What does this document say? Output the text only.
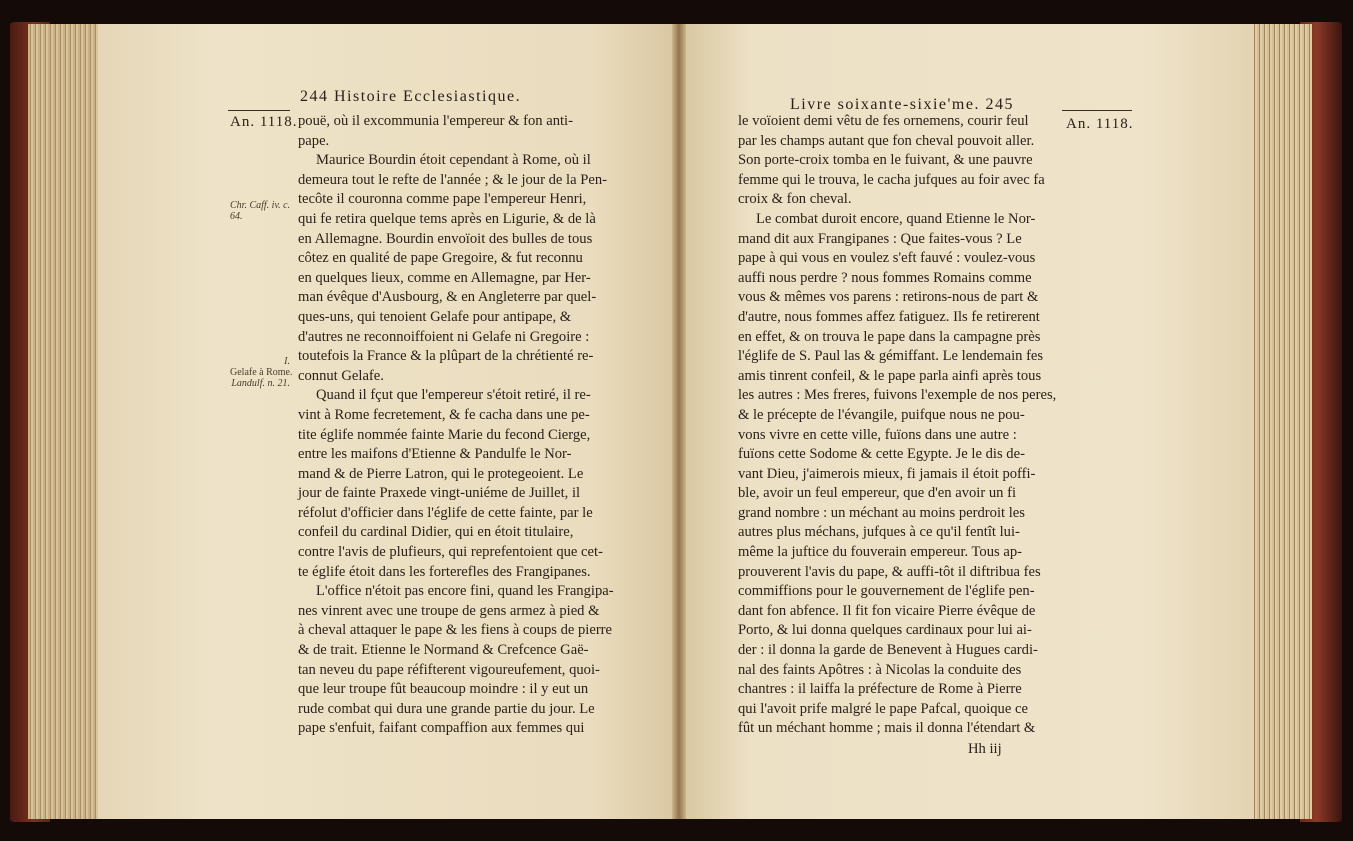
244 Histoire Ecclesiastique.
An. 1118.
Chr. Caff. iv. c.
64.
I.
Gelafe à Rome.
Landulf. n. 21.
pouë, où il excommunia l'empereur & fon anti-
pape.
Maurice Bourdin étoit cependant à Rome, où il
demeura tout le refte de l'année ; & le jour de la Pen-
tecôte il couronna comme pape l'empereur Henri,
qui fe retira quelque tems après en Ligurie, & de là
en Allemagne. Bourdin envoïoit des bulles de tous
côtez en qualité de pape Gregoire, & fut reconnu
en quelques lieux, comme en Allemagne, par Her-
man évêque d'Ausbourg, & en Angleterre par quel-
ques-uns, qui tenoient Gelafe pour antipape, &
d'autres ne reconnoiffoient ni Gelafe ni Gregoire :
toutefois la France & la plûpart de la chrétienté re-
connut Gelafe.
Quand il fçut que l'empereur s'étoit retiré, il re-
vint à Rome fecretement, & fe cacha dans une pe-
tite églife nommée fainte Marie du fecond Cierge,
entre les maifons d'Etienne & Pandulfe le Nor-
mand & de Pierre Latron, qui le protegeoient. Le
jour de fainte Praxede vingt-uniéme de Juillet, il
réfolut d'officier dans l'églife de cette fainte, par le
confeil du cardinal Didier, qui en étoit titulaire,
contre l'avis de plufieurs, qui reprefentoient que cet-
te églife étoit dans les forterefles des Frangipanes.
L'office n'étoit pas encore fini, quand les Frangipa-
nes vinrent avec une troupe de gens armez à pied &
à cheval attaquer le pape & les fiens à coups de pierre
& de trait. Etienne le Normand & Crefcence Gaë-
tan neveu du pape réfifterent vigoureufement, quoi-
que leur troupe fût beaucoup moindre : il y eut un
rude combat qui dura une grande partie du jour. Le
pape s'enfuit, faifant compaffion aux femmes qui
Livre soixante-sixie'me. 245
An. 1118.
le voïoient demi vêtu de fes ornemens, courir feul
par les champs autant que fon cheval pouvoit aller.
Son porte-croix tomba en le fuivant, & une pauvre
femme qui le trouva, le cacha jufques au foir avec fa
croix & fon cheval.
Le combat duroit encore, quand Etienne le Nor-
mand dit aux Frangipanes : Que faites-vous ? Le
pape à qui vous en voulez s'eft fauvé : voulez-vous
auffi nous perdre ? nous fommes Romains comme
vous & mêmes vos parens : retirons-nous de part &
d'autre, nous fommes affez fatiguez. Ils fe retirerent
en effet, & on trouva le pape dans la campagne près
l'églife de S. Paul las & gémiffant. Le lendemain fes
amis tinrent confeil, & le pape parla ainfi après tous
les autres : Mes freres, fuivons l'exemple de nos peres,
& le précepte de l'évangile, puifque nous ne pou-
vons vivre en cette ville, fuïons dans une autre :
fuïons cette Sodome & cette Egypte. Je le dis de-
vant Dieu, j'aimerois mieux, fi jamais il étoit poffi-
ble, avoir un feul empereur, que d'en avoir un fi
grand nombre : un méchant au moins perdroit les
autres plus méchans, jufques à ce qu'il fentît lui-
même la juftice du fouverain empereur. Tous ap-
prouverent l'avis du pape, & auffi-tôt il diftribua fes
commiffions pour le gouvernement de l'églife pen-
dant fon abfence. Il fit fon vicaire Pierre évêque de
Porto, & lui donna quelques cardinaux pour lui ai-
der : il donna la garde de Benevent à Hugues cardi-
nal des faints Apôtres : à Nicolas la conduite des
chantres : il laiffa la préfecture de Rome à Pierre
qui l'avoit prife malgré le pape Pafcal, quoique ce
fût un méchant homme ; mais il donna l'étendart &
Hh iij
